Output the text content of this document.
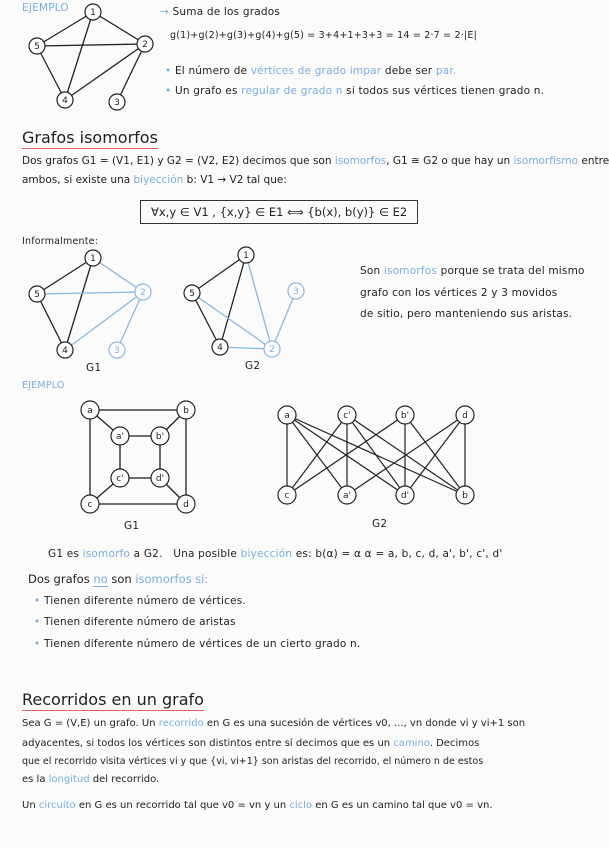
EJEMPLO 1
5	2
4	3
→ Suma de los grados
g(1)+g(2)+g(3)+g(4)+g(5) = 3+4+1+3+3 = 14 = 2·7 = 2·|E|
• El número de vértices de grado impar debe ser par.
• Un grafo es regular de grado n si todos sus vértices tienen grado n.
Grafos isomorfos
Dos grafos G1 = (V1, E1) y G2 = (V2, E2) decimos que son isomorfos, G1 ≅ G2 o que hay un isomorfismo entre
ambos, si existe una biyección b: V1 → V2 tal que:
∀x,y ∈ V1 , {x,y} ∈ E1 ⟺ {b(x), b(y)} ∈ E2
Informalmente:
1
5
4
2
3
G1
1
5
4	2
3
G2
Son isomorfos porque se trata del mismo
grafo con los vértices 2 y 3 movidos
de sitio, pero manteniendo sus aristas.
EJEMPLO
a	b
c	d
a'	b'
c'	d'
G1
a	c'	b'	d
c	a'	d'	b
G2
G1 es isomorfo a G2. Una posible biyección es: b(α) = α α = a, b, c, d, a', b', c', d'
Dos grafos no son isomorfos si:
• Tienen diferente número de vértices.
• Tienen diferente número de aristas
• Tienen diferente número de vértices de un cierto grado n.
Recorridos en un grafo
Sea G = (V,E) un grafo. Un recorrido en G es una sucesión de vértices v0, ..., vn donde vi y vi+1 son
adyacentes, si todos los vértices son distintos entre sí decimos que es un camino. Decimos
que el recorrido visita vértices vi y que {vi, vi+1} son aristas del recorrido, el número n de estos
es la longitud del recorrido.
Un circuito en G es un recorrido tal que v0 = vn y un ciclo en G es un camino tal que v0 = vn.
